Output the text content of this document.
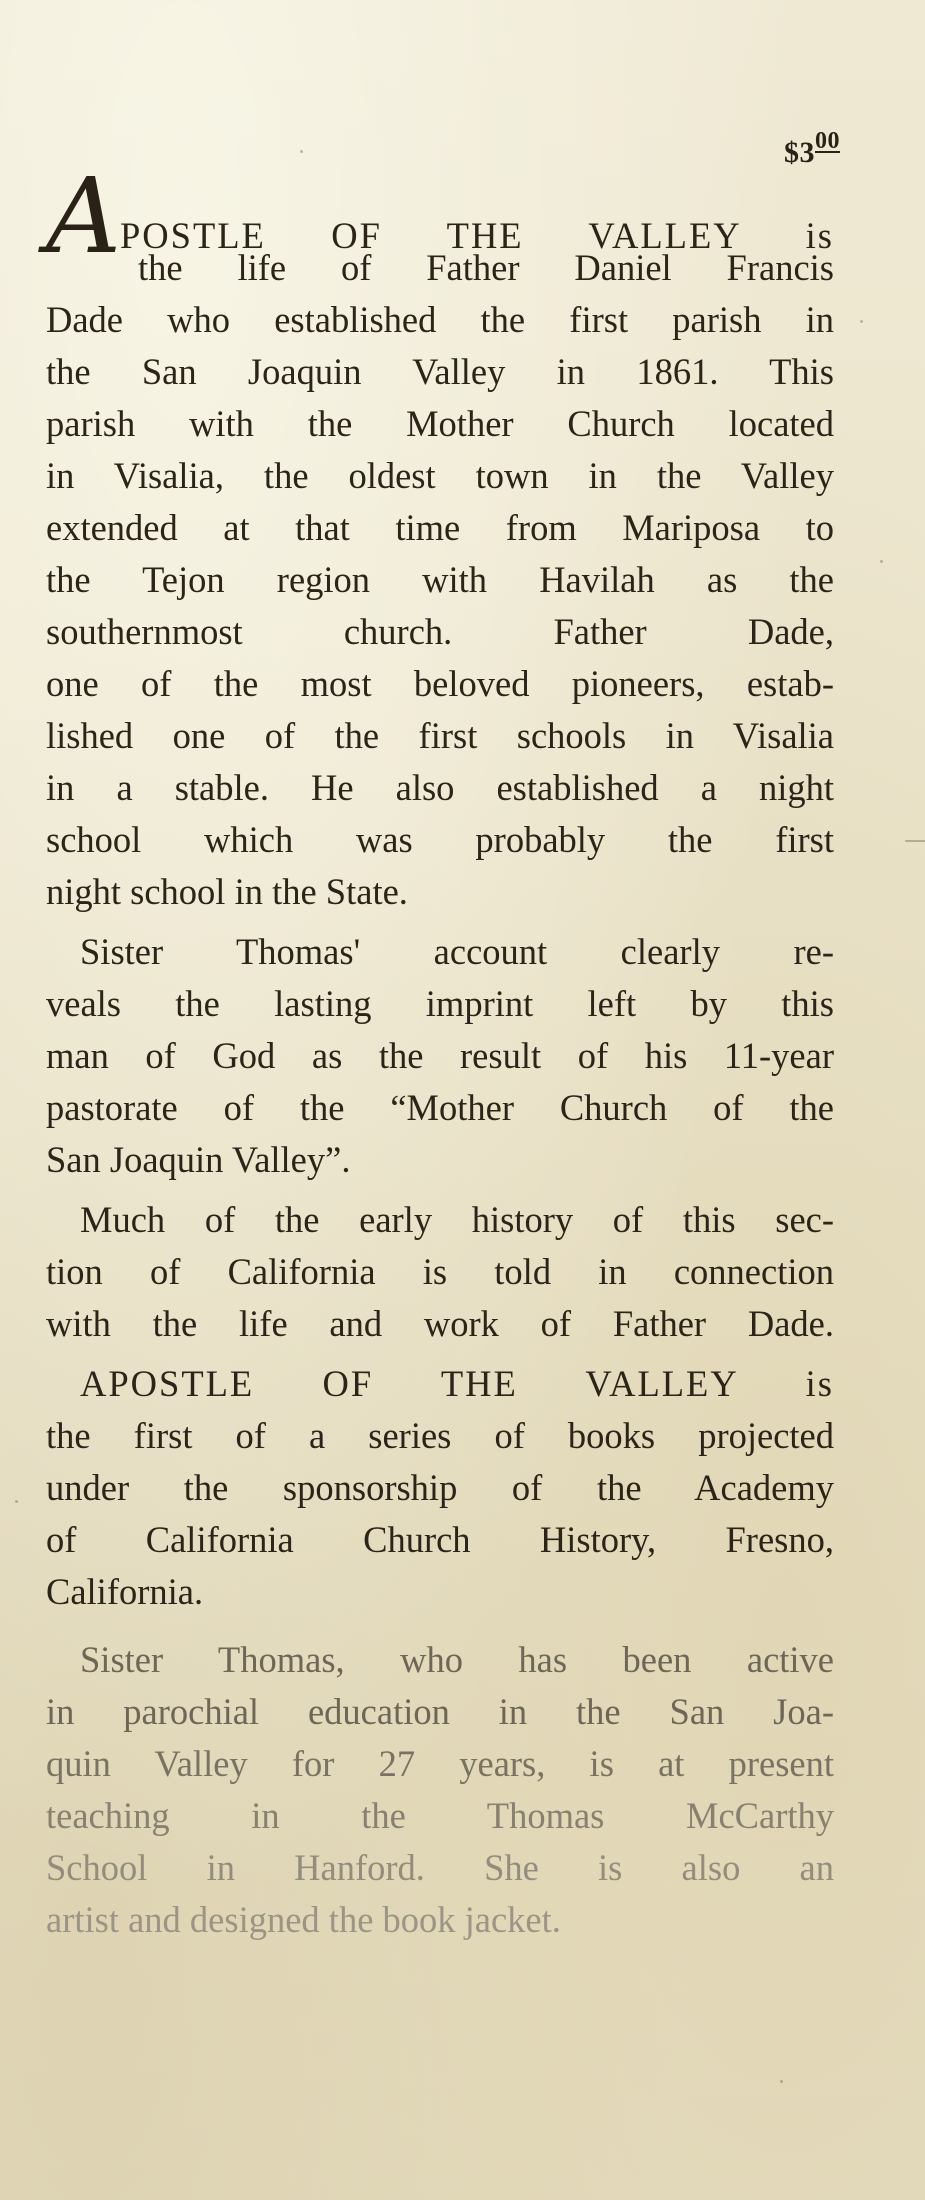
$\$3^{00}$
APOSTLE OF THE VALLEY is
the life of Father Daniel Francis
Dade who established the first parish in
the San Joaquin Valley in 1861. This
parish with the Mother Church located
in Visalia, the oldest town in the Valley
extended at that time from Mariposa to
the Tejon region with Havilah as the
southernmost church. Father Dade,
one of the most beloved pioneers, estab-
lished one of the first schools in Visalia
in a stable. He also established a night
school which was probably the first
night school in the State.
Sister Thomas' account clearly re-
veals the lasting imprint left by this
man of God as the result of his 11-year
pastorate of the “Mother Church of the
San Joaquin Valley”.
Much of the early history of this sec-
tion of California is told in connection
with the life and work of Father Dade.
APOSTLE OF THE VALLEY is
the first of a series of books projected
under the sponsorship of the Academy
of California Church History, Fresno,
California.
Sister Thomas, who has been active
in parochial education in the San Joa-
quin Valley for 27 years, is at present
teaching in the Thomas McCarthy
School in Hanford. She is also an
artist and designed the book jacket.
